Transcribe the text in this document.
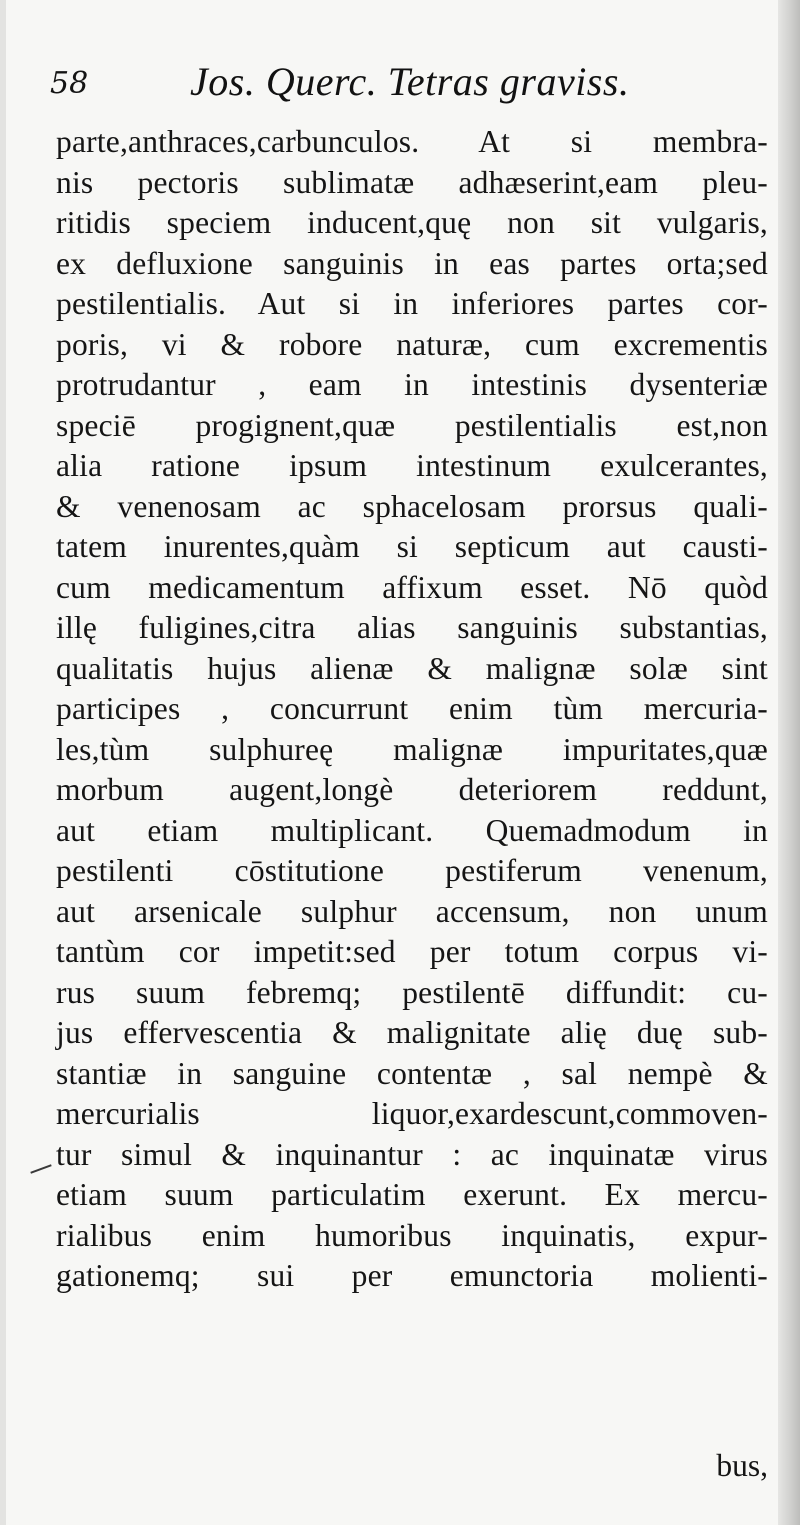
58	Jos. Querc. Tetras graviss.
parte,anthraces,carbunculos. At si membra-
nis pectoris sublimatæ adhæserint,eam pleu-
ritidis speciem inducent,quę non sit vulgaris,
ex defluxione sanguinis in eas partes orta;sed
pestilentialis. Aut si in inferiores partes cor-
poris, vi & robore naturæ, cum excrementis
protrudantur , eam in intestinis dysenteriæ
speciē progignent,quæ pestilentialis est,non
alia ratione ipsum intestinum exulcerantes,
& venenosam ac sphacelosam prorsus quali-
tatem inurentes,quàm si septicum aut causti-
cum medicamentum affixum esset. Nō quòd
illę fuligines,citra alias sanguinis substantias,
qualitatis hujus alienæ & malignæ solæ sint
participes , concurrunt enim tùm mercuria-
les,tùm sulphureę malignæ impuritates,quæ
morbum augent,longè deteriorem reddunt,
aut etiam multiplicant. Quemadmodum in
pestilenti cōstitutione pestiferum venenum,
aut arsenicale sulphur accensum, non unum
tantùm cor impetit:sed per totum corpus vi-
rus suum febremq; pestilentē diffundit: cu-
jus effervescentia & malignitate alię duę sub-
stantiæ in sanguine contentæ , sal nempè &
mercurialis liquor,exardescunt,commoven-
tur simul & inquinantur : ac inquinatæ virus
etiam suum particulatim exerunt. Ex mercu-
rialibus enim humoribus inquinatis, expur-
gationemq; sui per emunctoria molienti-
bus,
